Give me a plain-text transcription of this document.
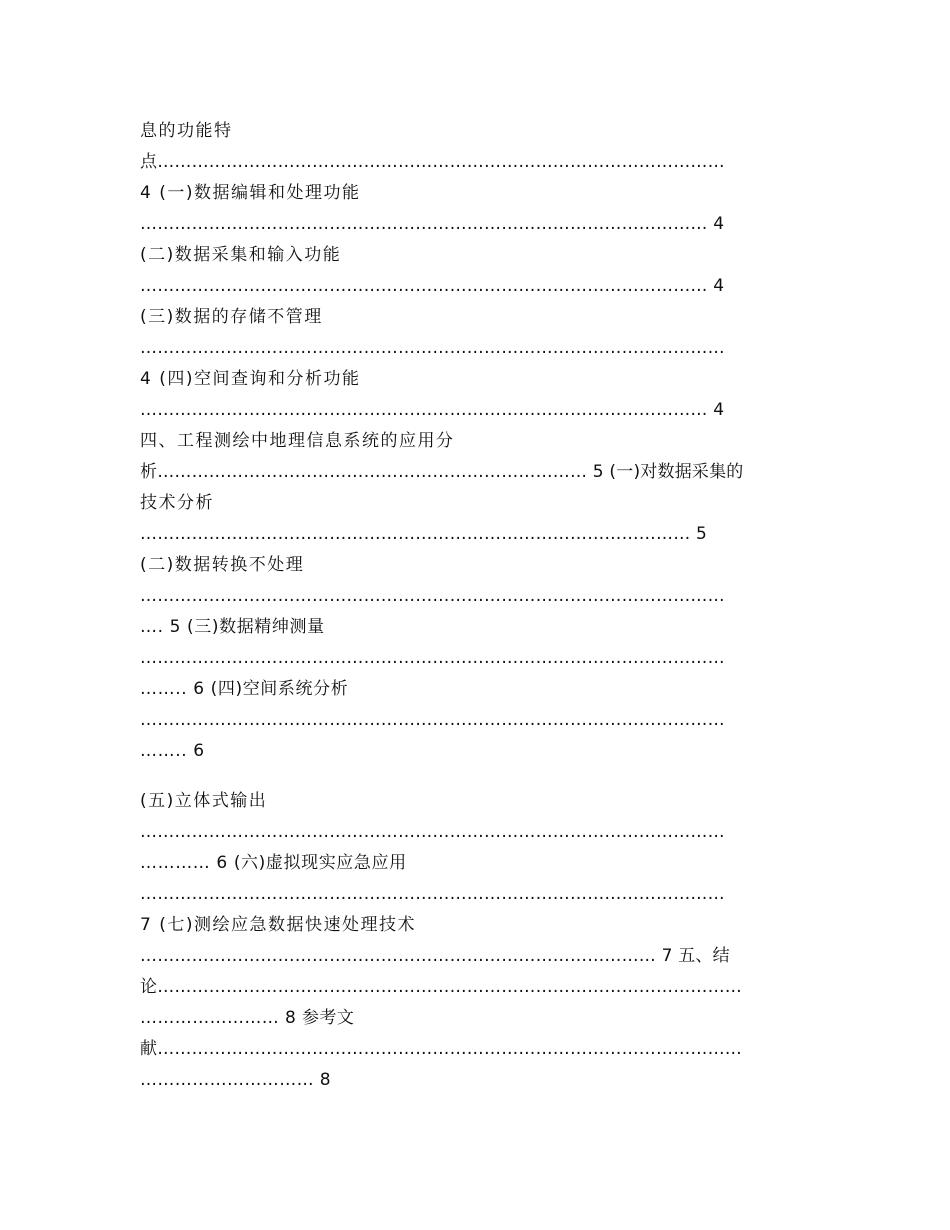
息的功能特
点………………………………………………………………………………………
4 (一)数据编辑和处理功能
……………………………………………………………………………………… 4
(二)数据采集和输入功能
……………………………………………………………………………………… 4
(三)数据的存储不管理
…………………………………………………………………………………………
4 (四)空间查询和分析功能
……………………………………………………………………………………… 4
四、工程测绘中地理信息系统的应用分
析………………………………………………………………… 5 (一)对数据采集的
技术分析
…………………………………………………………………………………… 5
(二)数据转换不处理
…………………………………………………………………………………………
…. 5 (三)数据精绅测量
…………………………………………………………………………………………
…….. 6 (四)空间系统分析
…………………………………………………………………………………………
…….. 6
(五)立体式输出
…………………………………………………………………………………………
………… 6 (六)虚拟现实应急应用
…………………………………………………………………………………………
7 (七)测绘应急数据快速处理技术
……………………………………………………………………………… 7 五、结
论…………………………………………………………………………………………
…………………… 8 参考文
献…………………………………………………………………………………………
………………………… 8
